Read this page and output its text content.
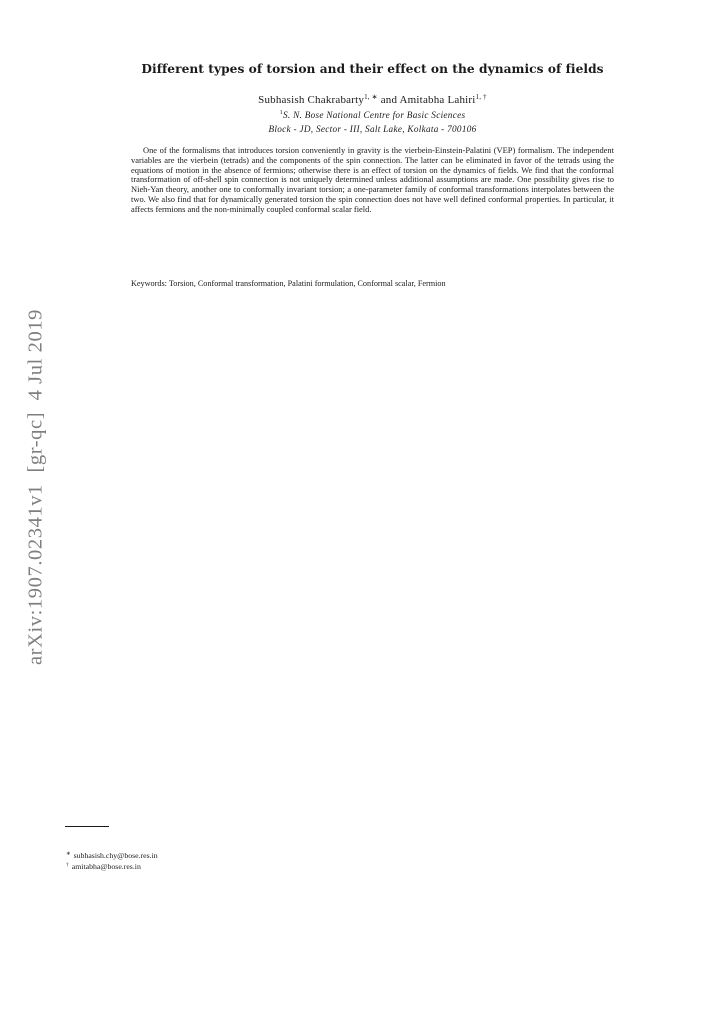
Different types of torsion and their effect on the dynamics of fields
Subhasish Chakrabarty$^{1, ∗}$ and Amitabha Lahiri$^{1, \dagger}$
$^1$S. N. Bose National Centre for Basic Sciences
Block - JD, Sector - III, Salt Lake, Kolkata - 700106

One of the formalisms that introduces torsion conveniently in gravity is the vierbein-Einstein-Palatini (VEP) formalism. The independent variables are the vierbein (tetrads) and the components of the spin connection. The latter can be eliminated in favor of the tetrads using the equations of motion in the absence of fermions; otherwise there is an effect of torsion on the dynamics of fields. We find that the conformal transformation of off-shell spin connection is not uniquely determined unless additional assumptions are made. One possibility gives rise to Nieh-Yan theory, another one to conformally invariant torsion; a one-parameter family of conformal transformations interpolates between the two. We also find that for dynamically generated torsion the spin connection does not have well defined conformal properties. In particular, it affects fermions and the non-minimally coupled conformal scalar field.

Keywords: Torsion, Conformal transformation, Palatini formulation, Conformal scalar, Fermion
arXiv:1907.02341v1  [gr-qc]  4 Jul 2019
∗ subhasish.chy@bose.res.in
† amitabha@bose.res.in
